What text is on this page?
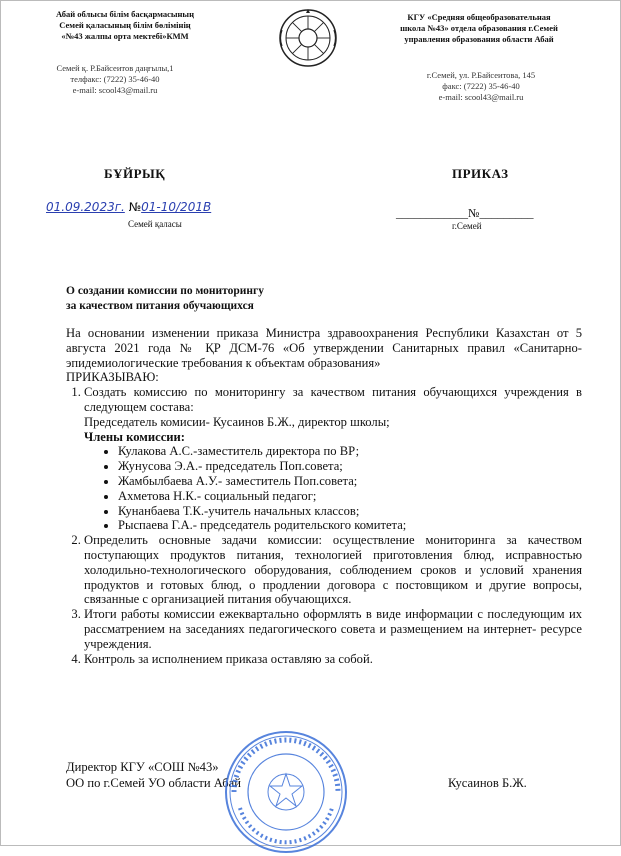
Абай облысы білім басқармасының
Семей қаласының білім бөлімінің
«№43 жалпы орта мектебі»КММ
Семей қ. Р.Байсеитов даңғылы,1
телфакс: (7222) 35-46-40
e-mail: scool43@mail.ru
КГУ «Средняя общеобразовательная
школа №43» отдела образования г.Семей
управления образования области Абай
г.Семей, ул. Р.Байсеитова, 145
факс: (7222) 35-46-40
e-mail: scool43@mail.ru
БҰЙРЫҚ	ПРИКАЗ
01.09.2023г. №01-10/201В
Семей қаласы
____________№_________
г.Семей
О создании комиссии по мониторингу
за качеством питания обучающихся
На основании изменении приказа Министра здравоохранения Республики Казахстан от 5 августа 2021 года № ҚР ДСМ-76 «Об утверждении Санитарных правил «Санитарно-эпидемиологические требования к объектам образования»
ПРИКАЗЫВАЮ:
1. Создать комиссию по мониторингу за качеством питания обучающихся учреждения в следующем состава:
Председатель комисии- Кусаинов Б.Ж., директор школы;
Члены комиссии:
• Кулакова А.С.-заместитель директора по ВР;
• Жунусова Э.А.- председатель Поп.совета;
• Жамбылбаева А.У.- заместитель Поп.совета;
• Ахметова Н.К.- социальный педагог;
• Кунанбаева Т.К.-учитель начальных классов;
• Рыспаева Г.А.- председатель родительского комитета;
2. Определить основные задачи комиссии: осуществление мониторинга за качеством поступающих продуктов питания, технологией приготовления блюд, исправностью холодильно-технологического оборудования, соблюдением сроков и условий хранения продуктов и готовых блюд, о продлении договора с постовщиком и другие вопросы, связанные с организацией питания обучающихся.
3. Итоги работы комиссии ежеквартально оформлять в виде информации с последующим их рассматрением на заседаниях педагогического совета и размещением на интернет- ресурсе учреждения.
4. Контроль за исполнением приказа оставляю за собой.
Директор КГУ «СОШ №43»
ОО по г.Семей УО области Абай	Кусаинов Б.Ж.
